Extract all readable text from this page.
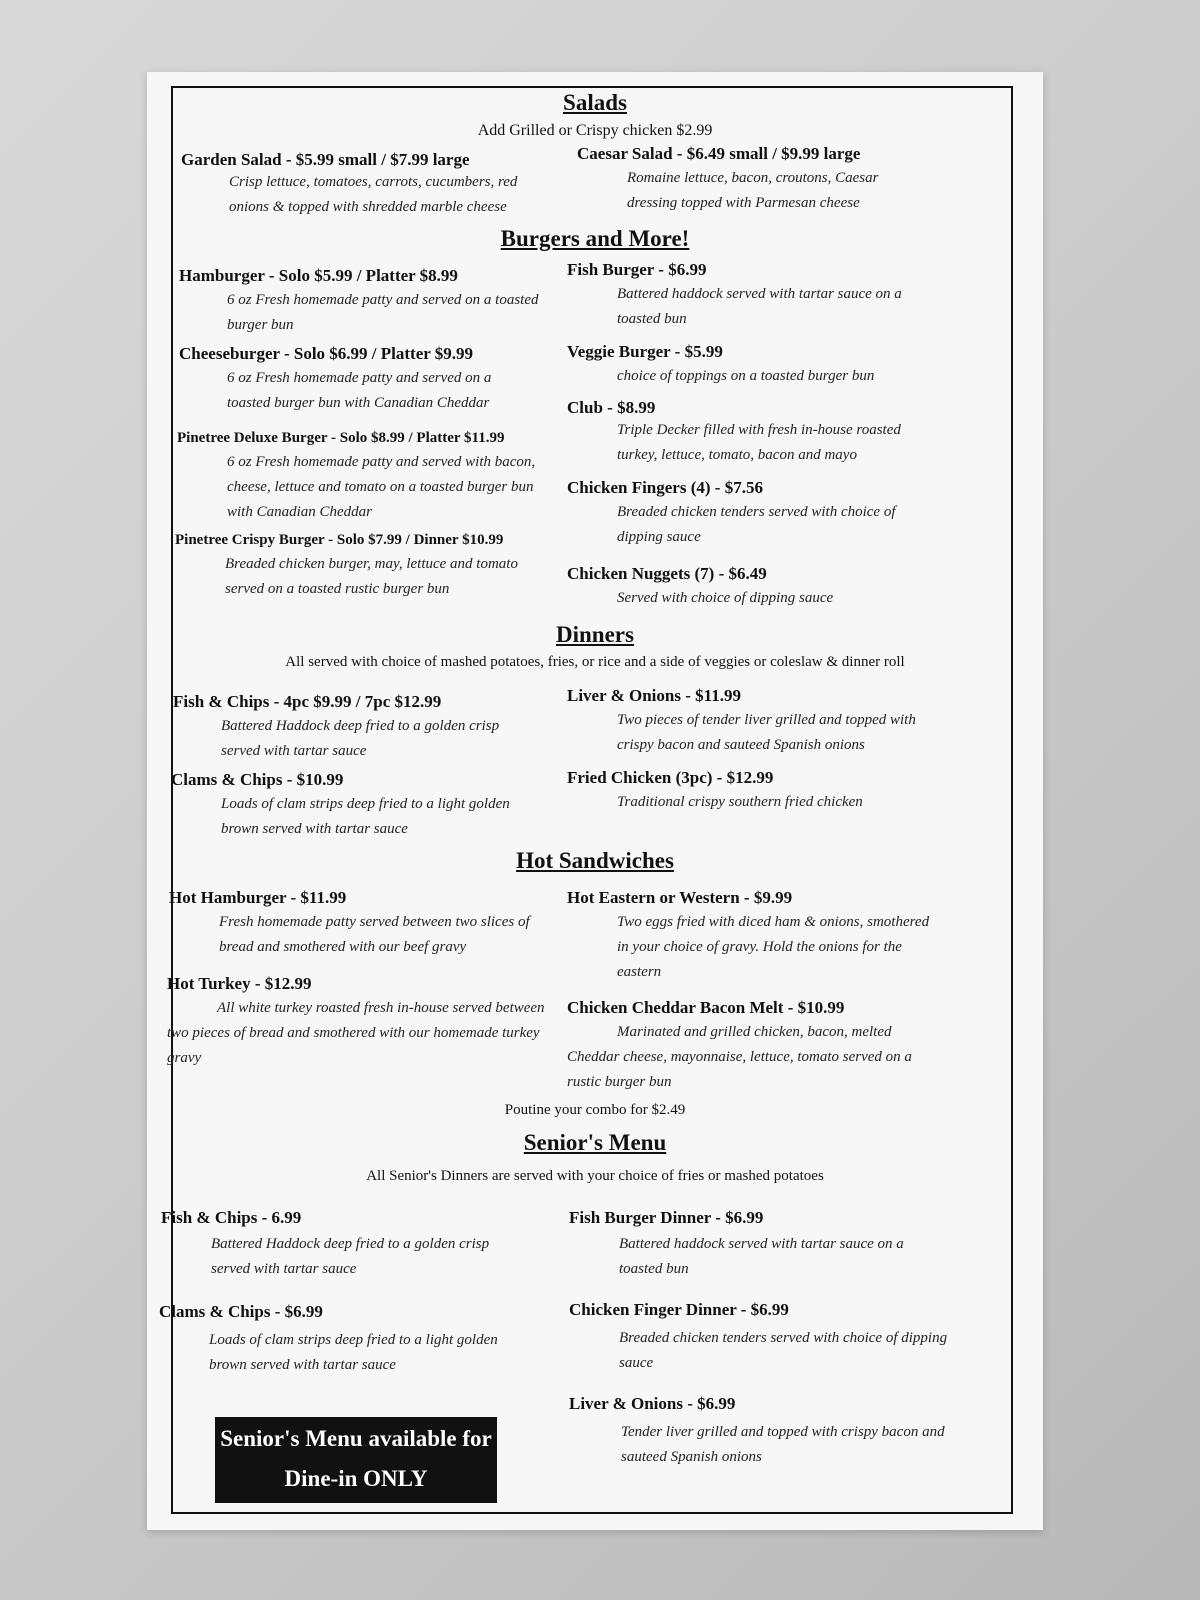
Salads
Add Grilled or Crispy chicken $2.99
Garden Salad - $5.99 small / $7.99 large
Crisp lettuce, tomatoes, carrots, cucumbers, red onions & topped with shredded marble cheese
Caesar Salad - $6.49 small / $9.99 large
Romaine lettuce, bacon, croutons, Caesar dressing topped with Parmesan cheese
Burgers and More!
Hamburger - Solo $5.99 / Platter $8.99
6 oz Fresh homemade patty and served on a toasted burger bun
Cheeseburger - Solo $6.99 / Platter $9.99
6 oz Fresh homemade patty and served on a toasted burger bun with Canadian Cheddar
Pinetree Deluxe Burger - Solo $8.99 / Platter $11.99
6 oz Fresh homemade patty and served with bacon, cheese, lettuce and tomato on a toasted burger bun with Canadian Cheddar
Pinetree Crispy Burger - Solo $7.99 / Dinner $10.99
Breaded chicken burger, may, lettuce and tomato served on a toasted rustic burger bun
Fish Burger - $6.99
Battered haddock served with tartar sauce on a toasted bun
Veggie Burger - $5.99
choice of toppings on a toasted burger bun
Club - $8.99
Triple Decker filled with fresh in-house roasted turkey, lettuce, tomato, bacon and mayo
Chicken Fingers (4) - $7.56
Breaded chicken tenders served with choice of dipping sauce
Chicken Nuggets (7) - $6.49
Served with choice of dipping sauce
Dinners
All served with choice of mashed potatoes, fries, or rice and a side of veggies or coleslaw & dinner roll
Fish & Chips - 4pc $9.99 / 7pc $12.99
Battered Haddock deep fried to a golden crisp served with tartar sauce
Clams & Chips - $10.99
Loads of clam strips deep fried to a light golden brown served with tartar sauce
Liver & Onions - $11.99
Two pieces of tender liver grilled and topped with crispy bacon and sauteed Spanish onions
Fried Chicken (3pc) - $12.99
Traditional crispy southern fried chicken
Hot Sandwiches
Hot Hamburger - $11.99
Fresh homemade patty served between two slices of bread and smothered with our beef gravy
Hot Turkey - $12.99
All white turkey roasted fresh in-house served between two pieces of bread and smothered with our homemade turkey gravy
Hot Eastern or Western - $9.99
Two eggs fried with diced ham & onions, smothered in your choice of gravy. Hold the onions for the eastern
Chicken Cheddar Bacon Melt - $10.99
Marinated and grilled chicken, bacon, melted Cheddar cheese, mayonnaise, lettuce, tomato served on a rustic burger bun
Poutine your combo for $2.49
Senior's Menu
All Senior's Dinners are served with your choice of fries or mashed potatoes
Fish & Chips - 6.99
Battered Haddock deep fried to a golden crisp served with tartar sauce
Clams & Chips - $6.99
Loads of clam strips deep fried to a light golden brown served with tartar sauce
Fish Burger Dinner - $6.99
Battered haddock served with tartar sauce on a toasted bun
Chicken Finger Dinner - $6.99
Breaded chicken tenders served with choice of dipping sauce
Liver & Onions - $6.99
Tender liver grilled and topped with crispy bacon and sauteed Spanish onions
Senior's Menu available for Dine-in ONLY
